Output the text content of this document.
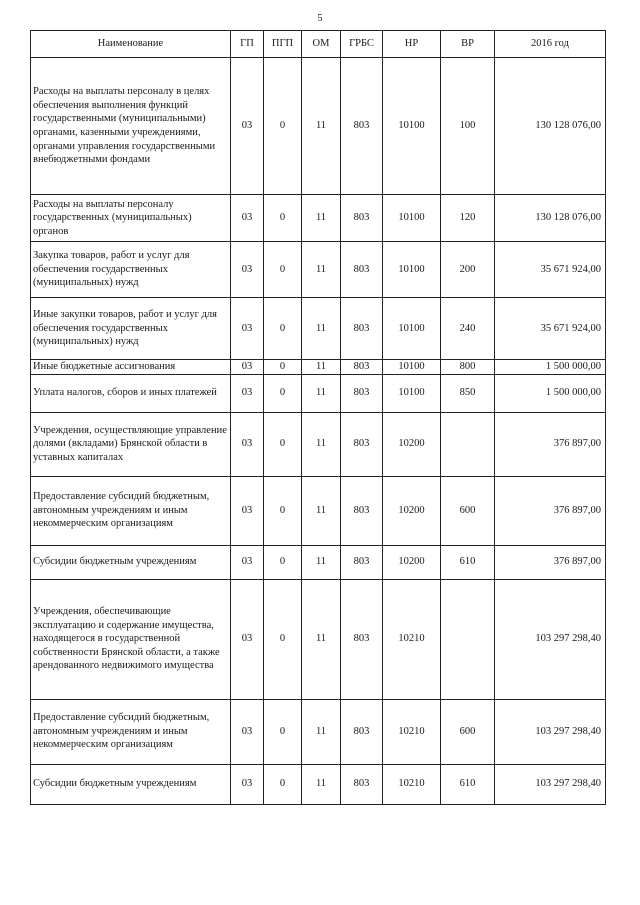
5
Наименование	ГП	ПГП	ОМ	ГРБС	НР	ВР	2016 год
Расходы на выплаты персоналу в целях обеспечения выполнения функций государственными (муниципальными) органами, казенными учреждениями, органами управления государственными внебюджетными фондами	03	0	11	803	10100	100	130 128 076,00
Расходы на выплаты персоналу государственных (муниципальных) органов	03	0	11	803	10100	120	130 128 076,00
Закупка товаров, работ и услуг для обеспечения государственных (муниципальных) нужд	03	0	11	803	10100	200	35 671 924,00
Иные закупки товаров, работ и услуг для обеспечения государственных (муниципальных) нужд	03	0	11	803	10100	240	35 671 924,00
Иные бюджетные ассигнования	03	0	11	803	10100	800	1 500 000,00
Уплата налогов, сборов и иных платежей	03	0	11	803	10100	850	1 500 000,00
Учреждения, осуществляющие управление долями (вкладами) Брянской области в уставных капиталах	03	0	11	803	10200		376 897,00
Предоставление субсидий бюджетным, автономным учреждениям и иным некоммерческим организациям	03	0	11	803	10200	600	376 897,00
Субсидии бюджетным учреждениям	03	0	11	803	10200	610	376 897,00
Учреждения, обеспечивающие эксплуатацию и содержание имущества, находящегося в государственной собственности Брянской области, а также арендованного недвижимого имущества	03	0	11	803	10210		103 297 298,40
Предоставление субсидий бюджетным, автономным учреждениям и иным некоммерческим организациям	03	0	11	803	10210	600	103 297 298,40
Субсидии бюджетным учреждениям	03	0	11	803	10210	610	103 297 298,40
